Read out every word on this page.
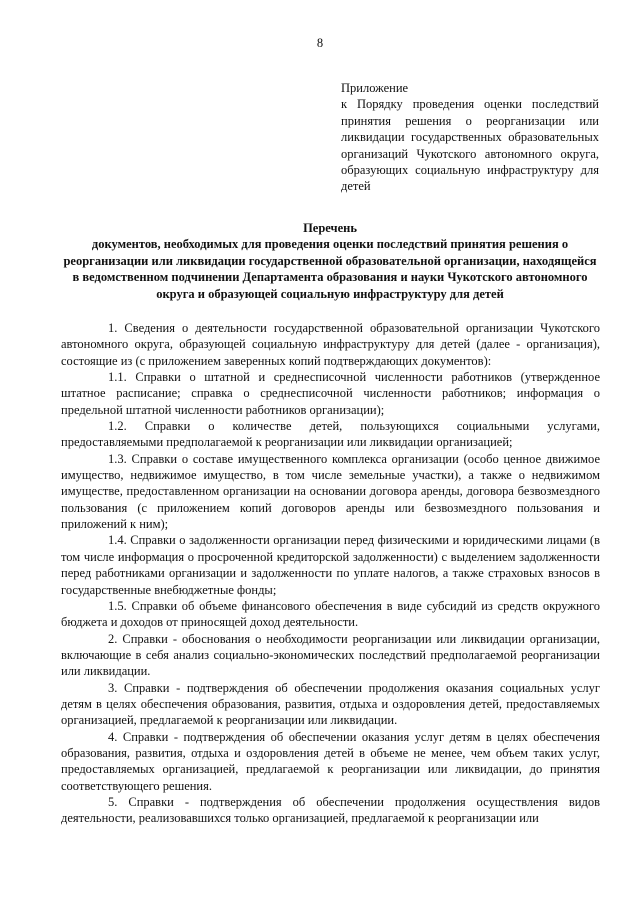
8

Приложение

к Порядку проведения оценки последствий принятия решения о реорганизации или ликвидации государственных образовательных организаций Чукотского автономного округа, образующих социальную инфраструктуру для детей

Перечень

документов, необходимых для проведения оценки последствий принятия решения о реорганизации или ликвидации государственной образовательной организации, находящейся в ведомственном подчинении Департамента образования и науки Чукотского автономного округа и образующей социальную инфраструктуру для детей

1. Сведения о деятельности государственной образовательной организации Чукотского автономного округа, образующей социальную инфраструктуру для детей (далее - организация), состоящие из (с приложением заверенных копий подтверждающих документов):

1.1. Справки о штатной и среднесписочной численности работников (утвержденное штатное расписание; справка о среднесписочной численности работников; информация о предельной штатной численности работников организации);

1.2. Справки о количестве детей, пользующихся социальными услугами, предоставляемыми предполагаемой к реорганизации или ликвидации организацией;

1.3. Справки о составе имущественного комплекса организации (особо ценное движимое имущество, недвижимое имущество, в том числе земельные участки), а также о недвижимом имуществе, предоставленном организации на основании договора аренды, договора безвозмездного пользования (с приложением копий договоров аренды или безвозмездного пользования и приложений к ним);

1.4. Справки о задолженности организации перед физическими и юридическими лицами (в том числе информация о просроченной кредиторской задолженности) с выделением задолженности перед работниками организации и задолженности по уплате налогов, а также страховых взносов в государственные внебюджетные фонды;

1.5. Справки об объеме финансового обеспечения в виде субсидий из средств окружного бюджета и доходов от приносящей доход деятельности.

2. Справки - обоснования о необходимости реорганизации или ликвидации организации, включающие в себя анализ социально-экономических последствий предполагаемой реорганизации или ликвидации.

3. Справки - подтверждения об обеспечении продолжения оказания социальных услуг детям в целях обеспечения образования, развития, отдыха и оздоровления детей, предоставляемых организацией, предлагаемой к реорганизации или ликвидации.

4. Справки - подтверждения об обеспечении оказания услуг детям в целях обеспечения образования, развития, отдыха и оздоровления детей в объеме не менее, чем объем таких услуг, предоставляемых организацией, предлагаемой к реорганизации или ликвидации, до принятия соответствующего решения.

5. Справки - подтверждения об обеспечении продолжения осуществления видов деятельности, реализовавшихся только организацией, предлагаемой к реорганизации или
